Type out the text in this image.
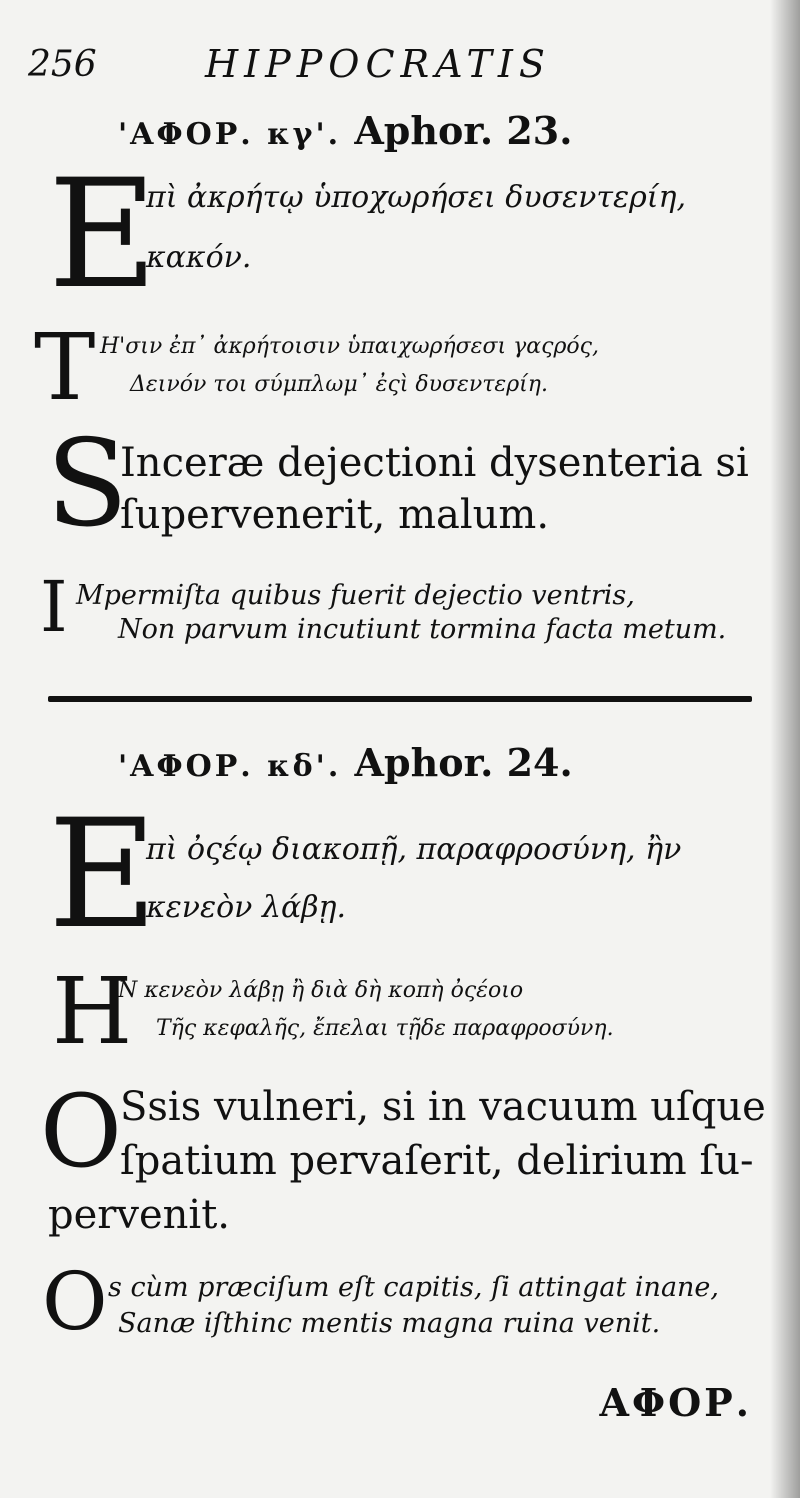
256	HIPPOCRATIS
'ΑΦΟΡ. κγ'. Aphor. 23.
E
πὶ ἀκρήτῳ ὑποχωρήσει δυσεντερίη,
κακόν.
T Η'σιν ἐπ᾽ ἀκρήτοισιν ὑπαιχωρήσεσι γαςρός,
Δεινόν τοι σύμπλωμ᾽ ἐςὶ δυσεντερίη.
S
Inceræ dejectioni dysenteria si
ſupervenerit, malum.
I Mpermiſta quibus fuerit dejectio ventris,
Non parvum incutiunt tormina facta metum.
'ΑΦΟΡ. κδ'. Aphor. 24.
E
πὶ ὀςέῳ διακοπῇ, παραφροσύνη, ἢν
κενεὸν λάβῃ.
H
N κενεὸν λάβῃ ἢ διὰ δὴ κοπὴ ὀςέοιο
Τῆς κεφαλῆς, ἔπελαι τῇδε παραφροσύνη.
O
Ssis vulneri, si in vacuum uſque
ſpatium pervaſerit, delirium ſu-
pervenit.
O s cùm præciſum eſt capitis, ſi attingat inane,
Sanæ iſthinc mentis magna ruina venit.
ΑΦΟΡ.
